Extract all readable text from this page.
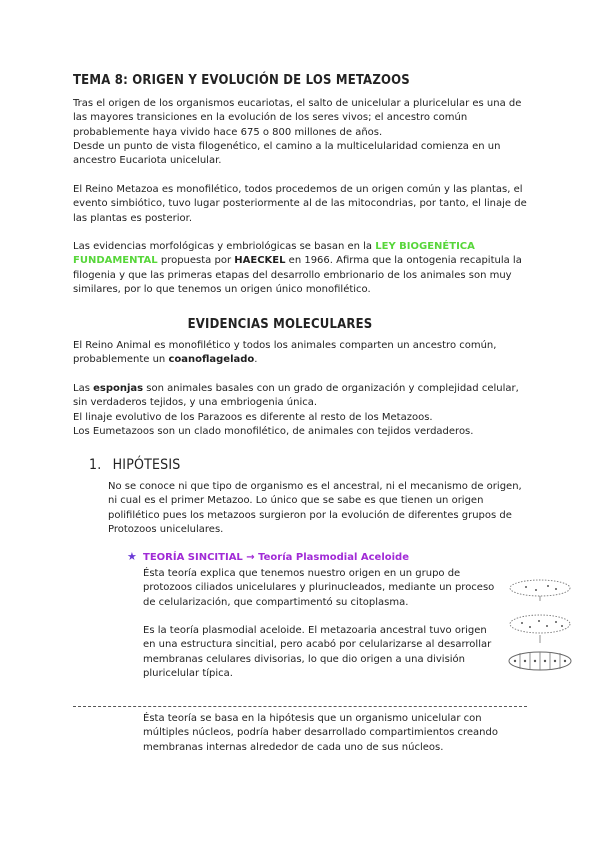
TEMA 8: ORIGEN Y EVOLUCIÓN DE LOS METAZOOS

Tras el origen de los organismos eucariotas, el salto de unicelular a pluricelular es una de las mayores transiciones en la evolución de los seres vivos; el ancestro común probablemente haya vivido hace 675 o 800 millones de años.

Desde un punto de vista filogenético, el camino a la multicelularidad comienza en un ancestro Eucariota unicelular.

El Reino Metazoa es monofilético, todos procedemos de un origen común y las plantas, el evento simbiótico, tuvo lugar posteriormente al de las mitocondrias, por tanto, el linaje de las plantas es posterior.

Las evidencias morfológicas y embriológicas se basan en la LEY BIOGENÉTICA FUNDAMENTAL propuesta por HAECKEL en 1966. Afirma que la ontogenia recapitula la filogenia y que las primeras etapas del desarrollo embrionario de los animales son muy similares, por lo que tenemos un origen único monofilético.

EVIDENCIAS MOLECULARES

El Reino Animal es monofilético y todos los animales comparten un ancestro común, probablemente un coanoflagelado.

Las esponjas son animales basales con un grado de organización y complejidad celular, sin verdaderos tejidos, y una embriogenia única.

El linaje evolutivo de los Parazoos es diferente al resto de los Metazoos.

Los Eumetazoos son un clado monofilético, de animales con tejidos verdaderos.

1. HIPÓTESIS

No se conoce ni que tipo de organismo es el ancestral, ni el mecanismo de origen, ni cual es el primer Metazoo. Lo único que se sabe es que tienen un origen polifilético pues los metazoos surgieron por la evolución de diferentes grupos de Protozoos unicelulares.

★ TEORÍA SINCITIAL → Teoría Plasmodial Aceloide

Ésta teoría explica que tenemos nuestro origen en un grupo de protozoos ciliados unicelulares y plurinucleados, mediante un proceso de celularización, que compartimentó su citoplasma.

Es la teoría plasmodial aceloide. El metazoaria ancestral tuvo origen en una estructura sincitial, pero acabó por celularizarse al desarrollar membranas celulares divisorias, lo que dio origen a una división pluricelular típica.

Ésta teoría se basa en la hipótesis que un organismo unicelular con múltiples núcleos, podría haber desarrollado compartimientos creando membranas internas alrededor de cada uno de sus núcleos.
